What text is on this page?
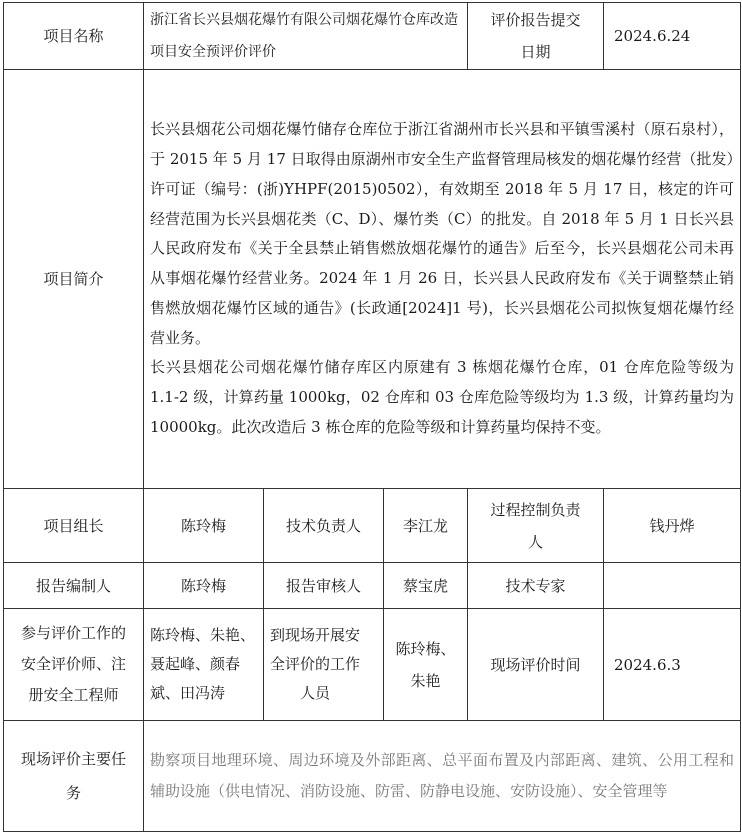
项目名称	浙江省长兴县烟花爆竹有限公司烟花爆竹仓库改造
项目安全预评价评价			评价报告提交
日期	2024.6.24
项目简介	长兴县烟花公司烟花爆竹储存仓库位于浙江省湖州市长兴县和平镇雪溪村（原石泉村），于 2015 年 5 月 17 日取得由原湖州市安全生产监督管理局核发的烟花爆竹经营（批发）许可证（编号：(浙)YHPF(2015)0502），有效期至 2018 年 5 月 17 日，核定的许可经营范围为长兴县烟花类（C、D）、爆竹类（C）的批发。自 2018 年 5 月 1 日长兴县人民政府发布《关于全县禁止销售燃放烟花爆竹的通告》后至今，长兴县烟花公司未再从事烟花爆竹经营业务。2024 年 1 月 26 日，长兴县人民政府发布《关于调整禁止销售燃放烟花爆竹区域的通告》(长政通[2024]1 号)，长兴县烟花公司拟恢复烟花爆竹经营业务。

长兴县烟花公司烟花爆竹储存库区内原建有 3 栋烟花爆竹仓库，01 仓库危险等级为 1.1-2 级，计算药量 1000kg，02 仓库和 03 仓库危险等级均为 1.3 级，计算药量均为 10000kg。此次改造后 3 栋仓库的危险等级和计算药量均保持不变。				

项目组长	陈玲梅	技术负责人	李江龙	过程控制负责
人	钱丹烨
报告编制人	陈玲梅	报告审核人	蔡宝虎	技术专家	
参与评价工作的
安全评价师、注
册安全工程师	陈玲梅、朱艳、
聂起峰、颜春
斌、田冯涛	到现场开展安
全评价的工作
人员	陈玲梅、
朱艳	现场评价时间	2024.6.3
现场评价主要任
务	勘察项目地理环境、周边环境及外部距离、总平面布置及内部距离、建筑、公用工程和辅助设施（供电情况、消防设施、防雷、防静电设施、安防设施）、安全管理等				
